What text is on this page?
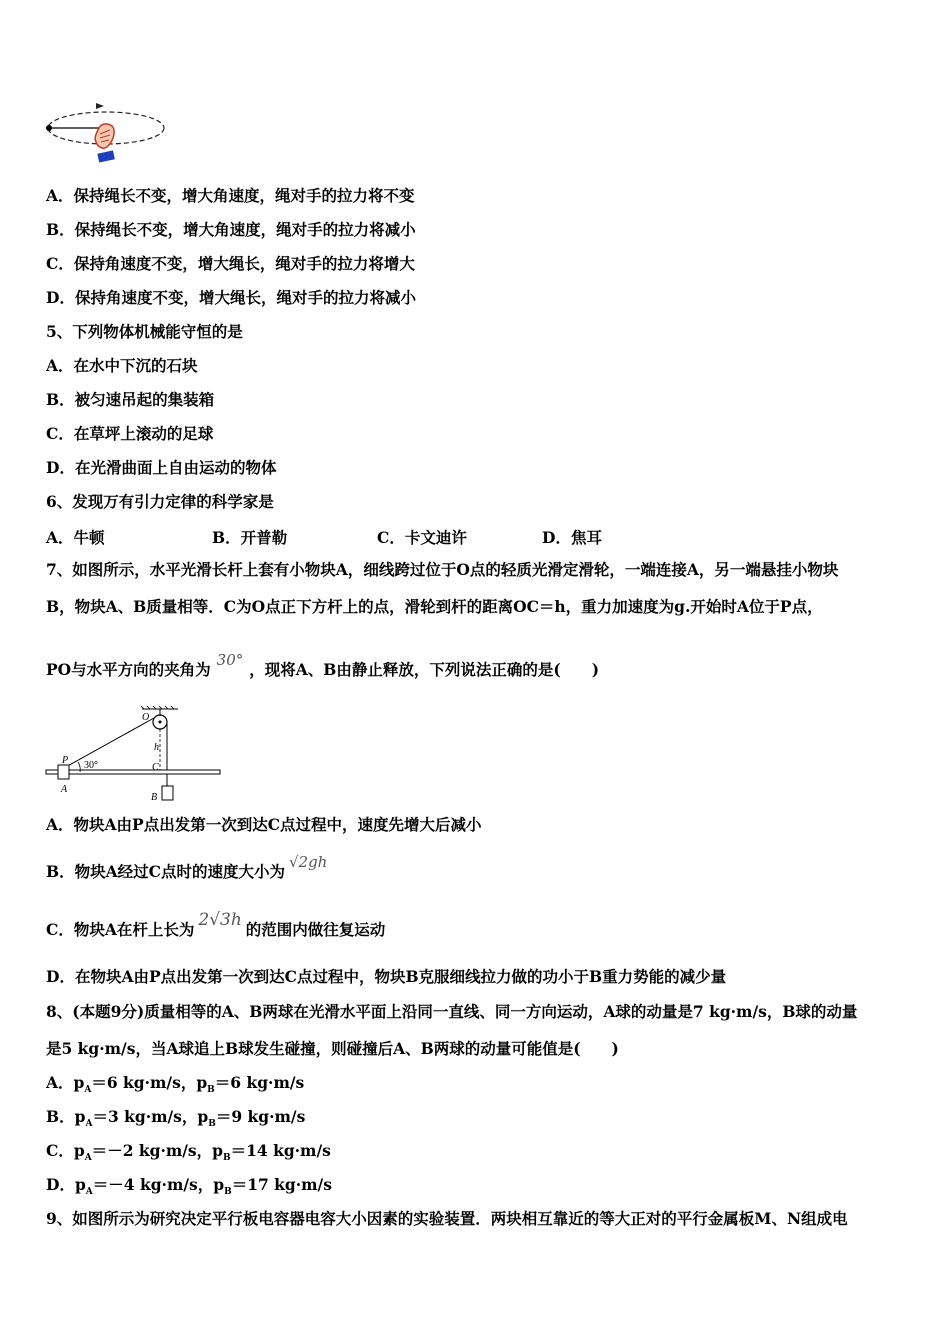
A．保持绳长不变，增大角速度，绳对手的拉力将不变
B．保持绳长不变，增大角速度，绳对手的拉力将减小
C．保持角速度不变，增大绳长，绳对手的拉力将增大
D．保持角速度不变，增大绳长，绳对手的拉力将减小
5、下列物体机械能守恒的是
A．在水中下沉的石块
B．被匀速吊起的集装箱
C．在草坪上滚动的足球
D．在光滑曲面上自由运动的物体
6、发现万有引力定律的科学家是
A．牛顿	B．开普勒	C．卡文迪许	D．焦耳
7、如图所示，水平光滑长杆上套有小物块A，细线跨过位于O点的轻质光滑定滑轮，一端连接A，另一端悬挂小物块
B，物块A、B质量相等．C为O点正下方杆上的点，滑轮到杆的距离OC＝h，重力加速度为g.开始时A位于P点，
PO与水平方向的夹角为 30° ，现将A、B由静止释放，下列说法正确的是(　　)
O
P
h
C
A
B
30°
A．物块A由P点出发第一次到达C点过程中，速度先增大后减小
B．物块A经过C点时的速度大小为 √2gh
C．物块A在杆上长为 2√3h 的范围内做往复运动
D．在物块A由P点出发第一次到达C点过程中，物块B克服细线拉力做的功小于B重力势能的减少量
8、(本题9分)质量相等的A、B两球在光滑水平面上沿同一直线、同一方向运动，A球的动量是7 kg·m/s，B球的动量
是5 kg·m/s，当A球追上B球发生碰撞，则碰撞后A、B两球的动量可能值是(　　)
A．$p_A=6$ kg·m/s，$p_B=6$ kg·m/s
B．$p_A=3$ kg·m/s，$p_B=9$ kg·m/s
C．$p_A=-2$ kg·m/s，$p_B=14$ kg·m/s
D．$p_A=-4$ kg·m/s，$p_B=17$ kg·m/s
9、如图所示为研究决定平行板电容器电容大小因素的实验装置．两块相互靠近的等大正对的平行金属板M、N组成电
